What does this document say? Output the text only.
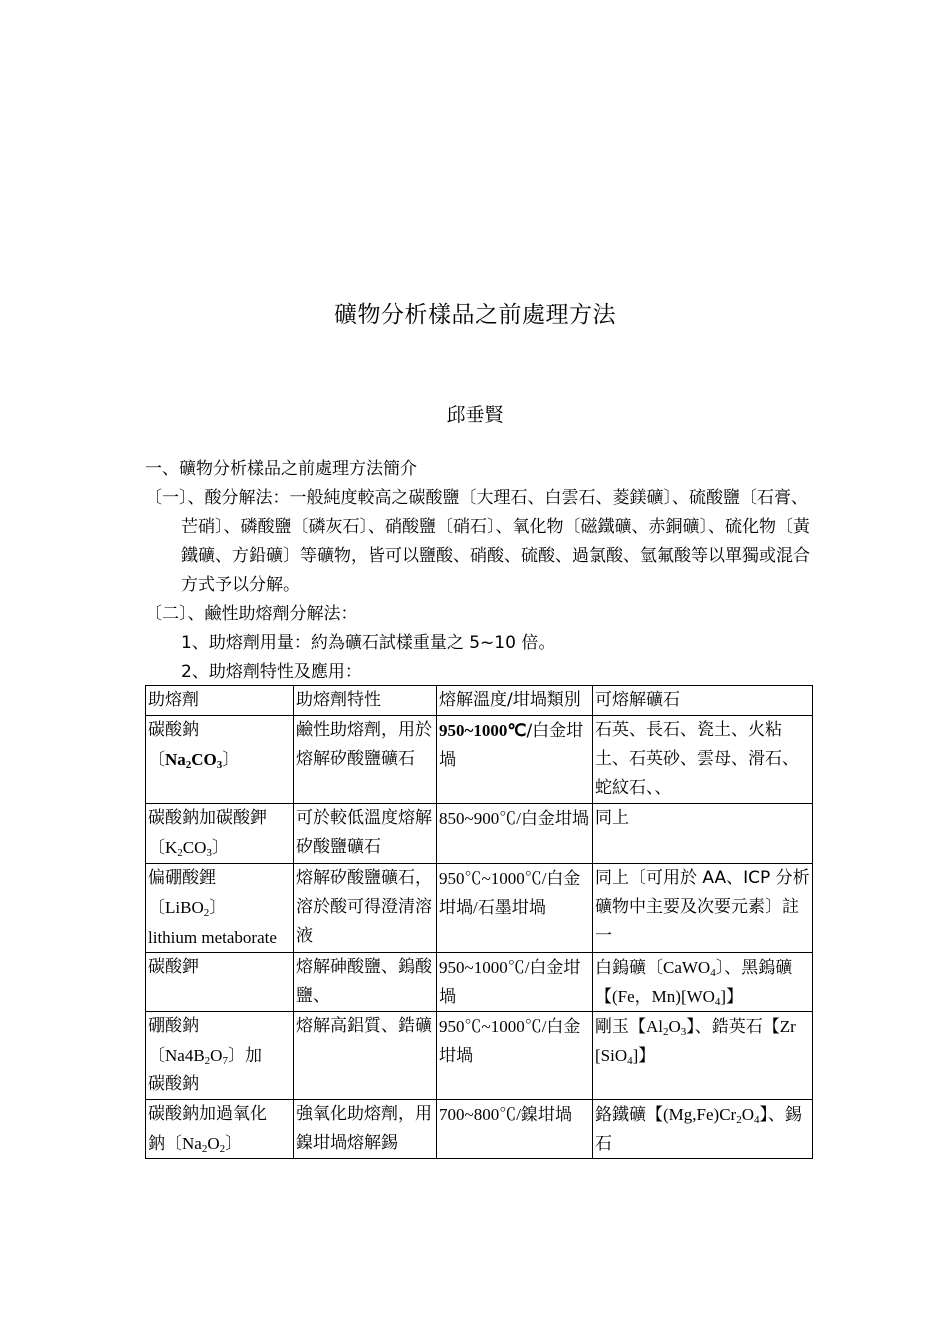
礦物分析樣品之前處理方法
邱垂賢

一、礦物分析樣品之前處理方法簡介

〔一〕、酸分解法：一般純度較高之碳酸鹽〔大理石、白雲石、菱鎂礦〕、硫酸鹽〔石膏、芒硝〕、磷酸鹽〔磷灰石〕、硝酸鹽〔硝石〕、氧化物〔磁鐵礦、赤銅礦〕、硫化物〔黃鐵礦、方鉛礦〕等礦物，皆可以鹽酸、硝酸、硫酸、過氯酸、氫氟酸等以單獨或混合方式予以分解。

〔二〕、鹼性助熔劑分解法：

1、助熔劑用量：約為礦石試樣重量之 5~10 倍。

2、助熔劑特性及應用：

助熔劑	助熔劑特性	熔解溫度/坩堝類別	可熔解礦石

碳酸鈉
〔$Na_2CO_3$〕	鹼性助熔劑，用於熔解矽酸鹽礦石	950~1000℃/白金坩堝	石英、長石、瓷土、火粘土、石英砂、雲母、滑石、蛇紋石、、

碳酸鈉加碳酸鉀
〔$K_2CO_3$〕	可於較低溫度熔解矽酸鹽礦石	850~900℃/白金坩堝	同上

偏硼酸鋰
〔LiBO$_2$〕
lithium metaborate	熔解矽酸鹽礦石，溶於酸可得澄清溶液	950℃~1000℃/白金坩堝/石墨坩堝	同上〔可用於 AA、ICP 分析礦物中主要及次要元素〕註一

碳酸鉀	熔解砷酸鹽、鎢酸鹽、	950~1000℃/白金坩堝	白鎢礦〔CaWO$_4$〕、黑鎢礦【(Fe，$Mn)[WO_4]$】

硼酸鈉
〔$Na4B_2O_7$〕加
碳酸鈉	熔解高鋁質、鋯礦	950℃~1000℃/白金坩堝	剛玉【$Al_2O_3$】、鋯英石【Zr[SiO$_4$]】

碳酸鈉加過氧化
鈉〔$Na_2O_2$〕	強氧化助熔劑，用鎳坩堝熔解錫	700~800℃/鎳坩堝	鉻鐵礦【$(Mg,Fe)Cr_2O_4$】、錫石
